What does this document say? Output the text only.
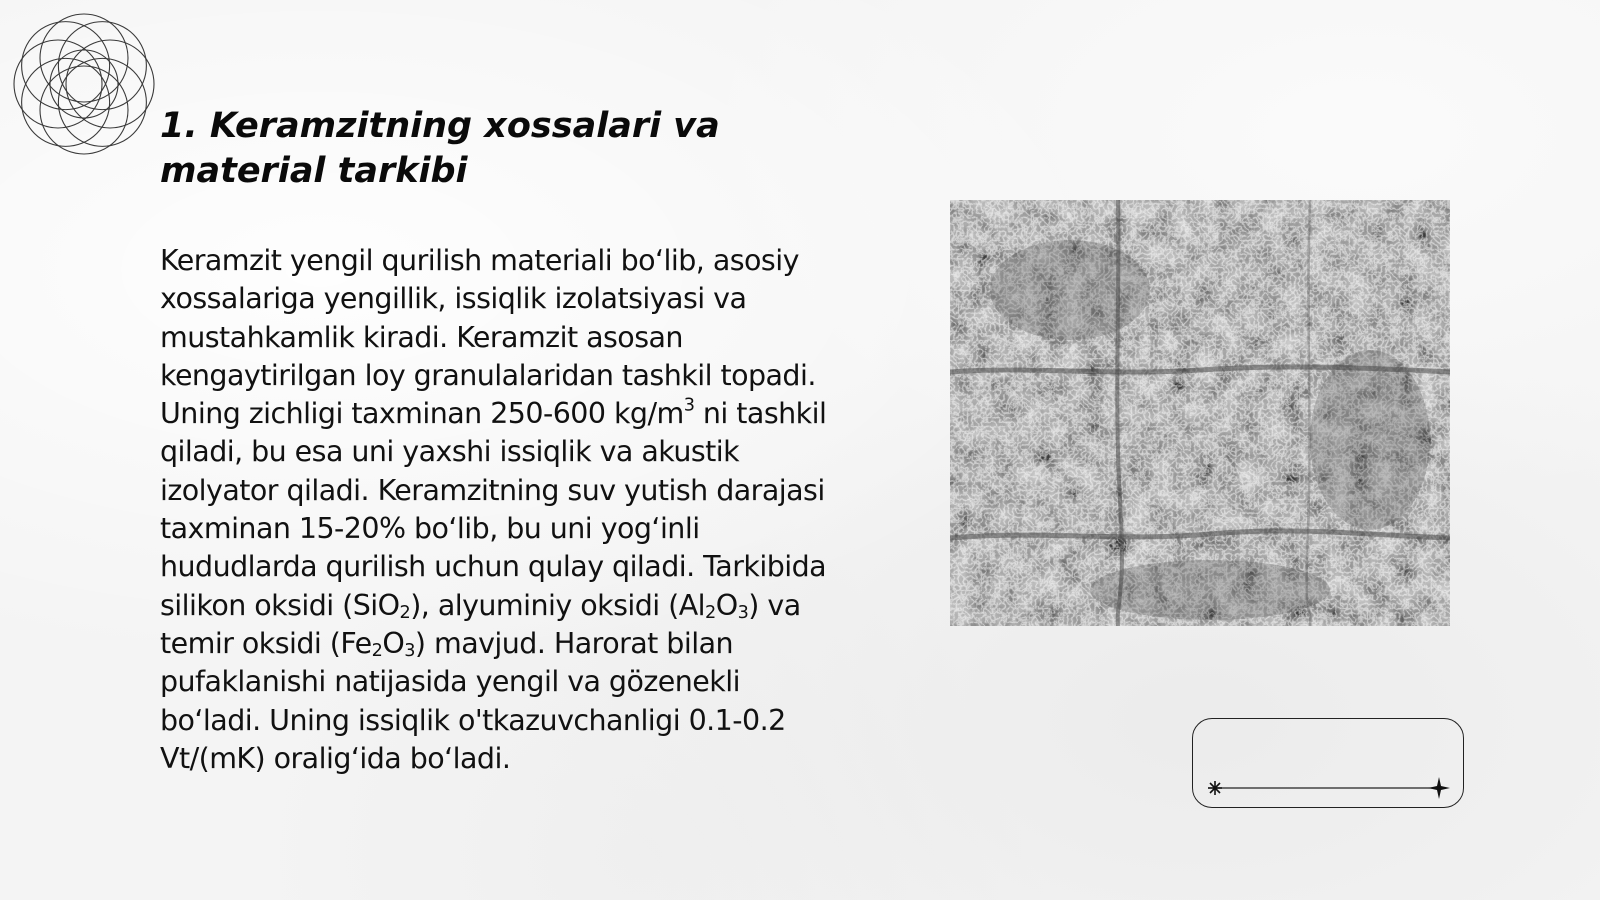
1. Keramzitning xossalari va material tarkibi

Keramzit yengil qurilish materiali boʻlib, asosiy xossalariga yengillik, issiqlik izolatsiyasi va mustahkamlik kiradi. Keramzit asosan kengaytirilgan loy granulalaridan tashkil topadi. Uning zichligi taxminan 250-600 $kg/m^3$ ni tashkil qiladi, bu esa uni yaxshi issiqlik va akustik izolyator qiladi. Keramzitning suv yutish darajasi taxminan 15-20% boʻlib, bu uni yogʻinli hududlarda qurilish uchun qulay qiladi. Tarkibida silikon oksidi (SiO$_2$), alyuminiy oksidi $(Al_2O_3)$ va temir oksidi $(Fe_2O_3)$ mavjud. Harorat bilan pufaklanishi natijasida yengil va gözenekli boʻladi. Uning issiqlik o'tkazuvchanligi 0.1-0.2 Vt/(mK) oraligʻida boʻladi.
